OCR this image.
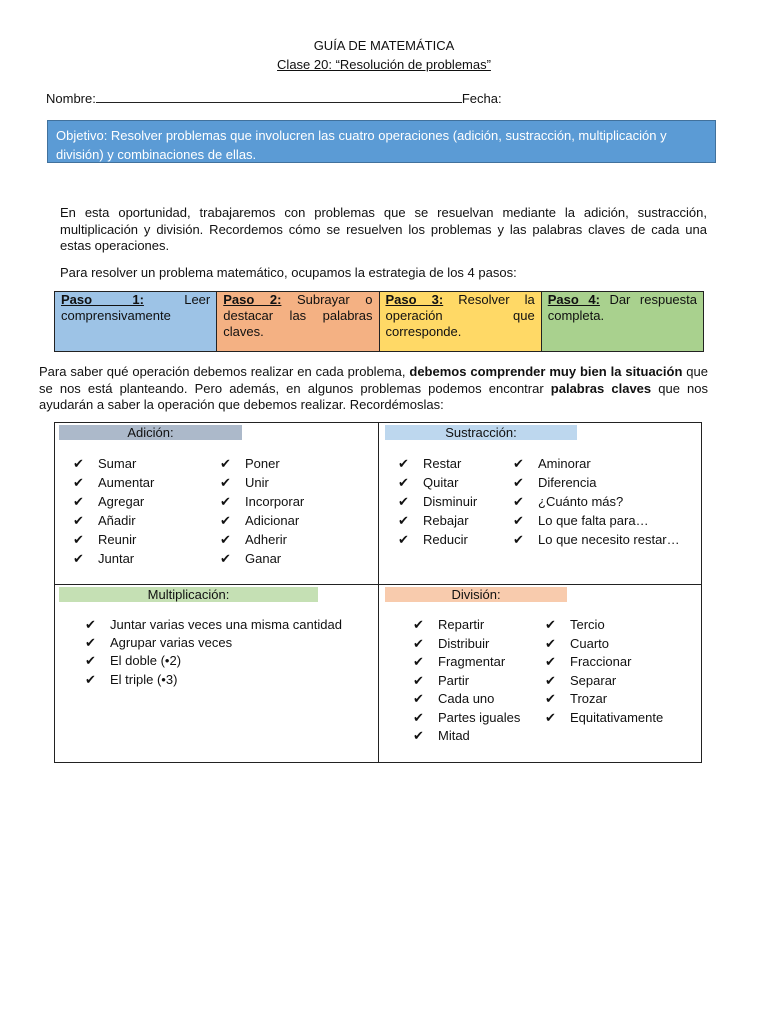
GUÍA DE MATEMÁTICA
Clase 20: “Resolución de problemas”
Nombre:	Fecha:
Objetivo: Resolver problemas que involucren las cuatro operaciones (adición, sustracción, multiplicación y división) y combinaciones de ellas.
En esta oportunidad, trabajaremos con problemas que se resuelvan mediante la adición, sustracción, multiplicación y división. Recordemos cómo se resuelven los problemas y las palabras claves de cada una estas operaciones.
Para resolver un problema matemático, ocupamos la estrategia de los 4 pasos:
Paso 1:	Leer comprensivamente
Paso 2: Subrayar o destacar las palabras claves.
Paso 3: Resolver la operación que corresponde.
Paso 4: Dar respuesta completa.
Para saber qué operación debemos realizar en cada problema, debemos comprender muy bien la situación que se nos está planteando. Pero además, en algunos problemas podemos encontrar palabras claves que nos ayudarán a saber la operación que debemos realizar. Recordémoslas:
Adición:
✔ Sumar
✔ Aumentar
✔ Agregar
✔ Añadir
✔ Reunir
✔ Juntar
✔ Poner
✔ Unir
✔ Incorporar
✔ Adicionar
✔ Adherir
✔ Ganar
Sustracción:
✔ Restar
✔ Quitar
✔ Disminuir
✔ Rebajar
✔ Reducir
✔ Aminorar
✔ Diferencia
✔ ¿Cuánto más?
✔ Lo que falta para…
✔ Lo que necesito restar…
Multiplicación:
✔ Juntar varias veces una misma cantidad
✔ Agrupar varias veces
✔ El doble (•2)
✔ El triple (•3)
División:
✔ Repartir
✔ Distribuir
✔ Fragmentar
✔ Partir
✔ Cada uno
✔ Partes iguales
✔ Mitad
✔ Tercio
✔ Cuarto
✔ Fraccionar
✔ Separar
✔ Trozar
✔ Equitativamente
